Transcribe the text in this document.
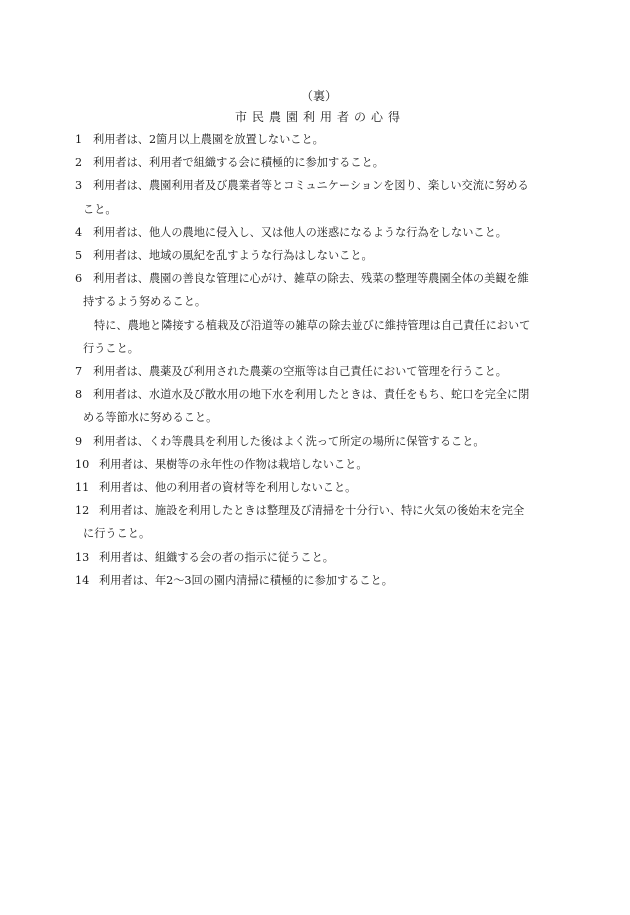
（裏）
市民農園利用者の心得
1 利用者は、2箇月以上農園を放置しないこと。
2 利用者は、利用者で組織する会に積極的に参加すること。
3 利用者は、農園利用者及び農業者等とコミュニケーションを図り、楽しい交流に努める
こと。
4 利用者は、他人の農地に侵入し、又は他人の迷惑になるような行為をしないこと。
5 利用者は、地域の風紀を乱すような行為はしないこと。
6 利用者は、農園の善良な管理に心がけ、雑草の除去、残菜の整理等農園全体の美観を維
持するよう努めること。
特に、農地と隣接する植栽及び沿道等の雑草の除去並びに維持管理は自己責任において
行うこと。
7 利用者は、農薬及び利用された農薬の空瓶等は自己責任において管理を行うこと。
8 利用者は、水道水及び散水用の地下水を利用したときは、責任をもち、蛇口を完全に閉
める等節水に努めること。
9 利用者は、くわ等農具を利用した後はよく洗って所定の場所に保管すること。
10 利用者は、果樹等の永年性の作物は栽培しないこと。
11 利用者は、他の利用者の資材等を利用しないこと。
12 利用者は、施設を利用したときは整理及び清掃を十分行い、特に火気の後始末を完全
に行うこと。
13 利用者は、組織する会の者の指示に従うこと。
14 利用者は、年2～3回の園内清掃に積極的に参加すること。
